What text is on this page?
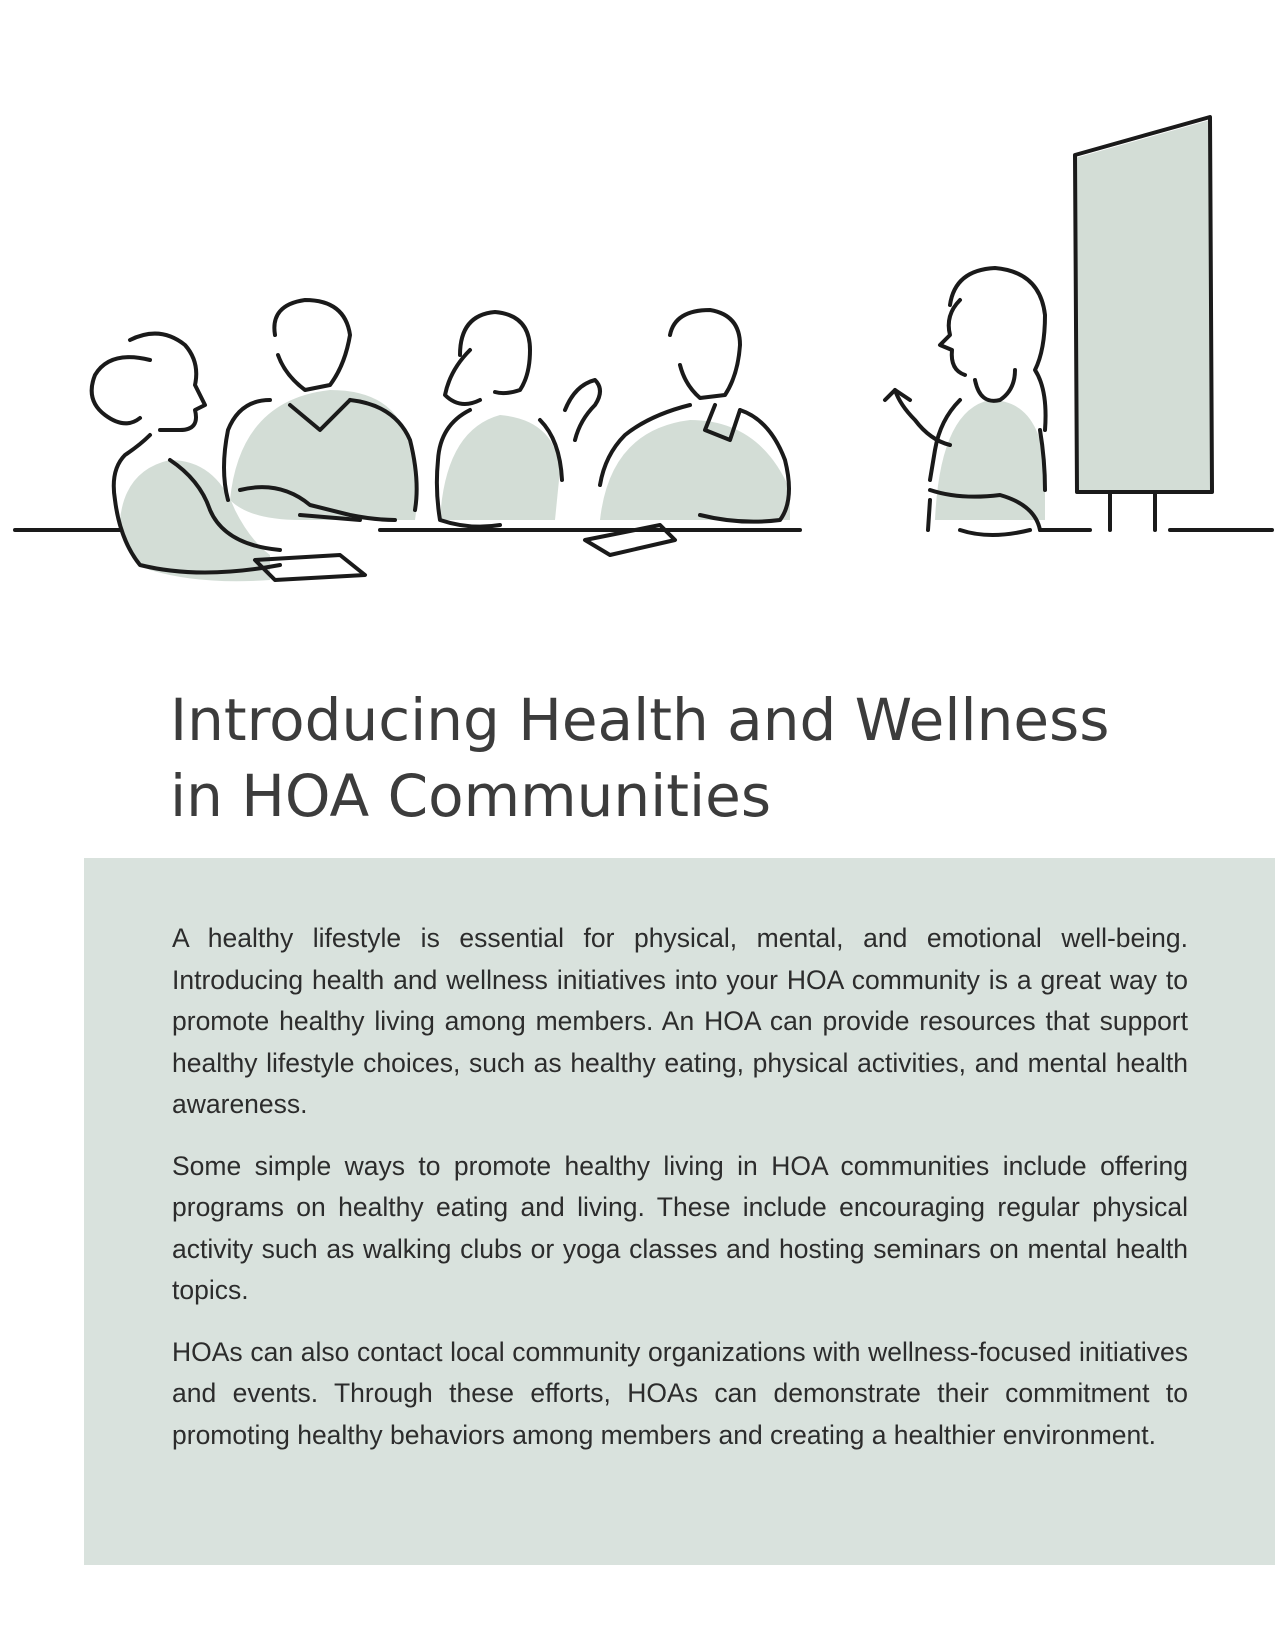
Introducing Health and Wellness
in HOA Communities

A healthy lifestyle is essential for physical, mental, and emotional well-being. Introducing health and wellness initiatives into your HOA community is a great way to promote healthy living among members. An HOA can provide resources that support healthy lifestyle choices, such as healthy eating, physical activities, and mental health awareness.

Some simple ways to promote healthy living in HOA communities include offering programs on healthy eating and living. These include encouraging regular physical activity such as walking clubs or yoga classes and hosting seminars on mental health topics.

HOAs can also contact local community organizations with wellness-focused initiatives and events. Through these efforts, HOAs can demonstrate their commitment to promoting healthy behaviors among members and creating a healthier environment.
